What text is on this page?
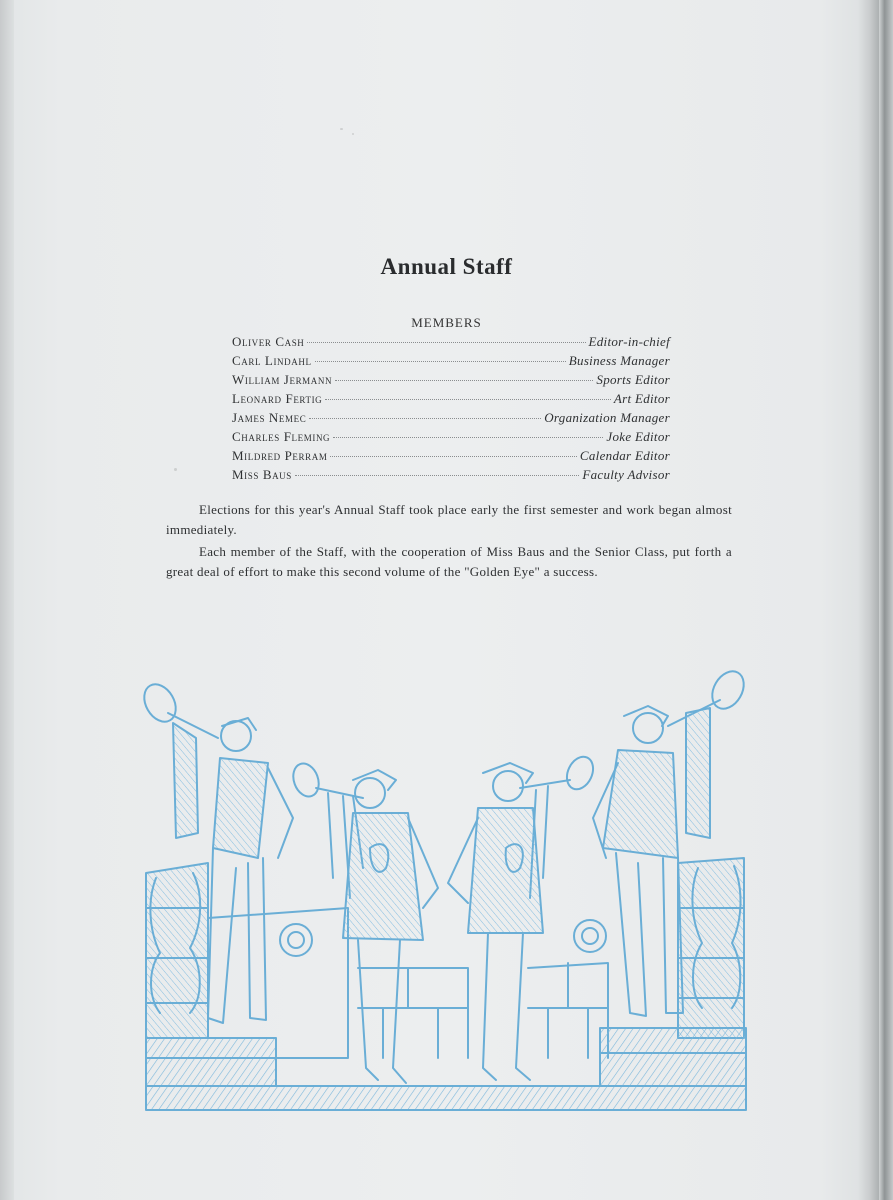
Annual Staff
MEMBERS
Oliver Cash	Editor-in-chief
Carl Lindahl	Business Manager
William Jermann	Sports Editor
Leonard Fertig	Art Editor
James Nemec	Organization Manager
Charles Fleming	Joke Editor
Mildred Perram	Calendar Editor
Miss Baus	Faculty Advisor

Elections for this year's Annual Staff took place early the first semester and work began almost immediately.

Each member of the Staff, with the cooperation of Miss Baus and the Senior Class, put forth a great deal of effort to make this second volume of the "Golden Eye" a success.
